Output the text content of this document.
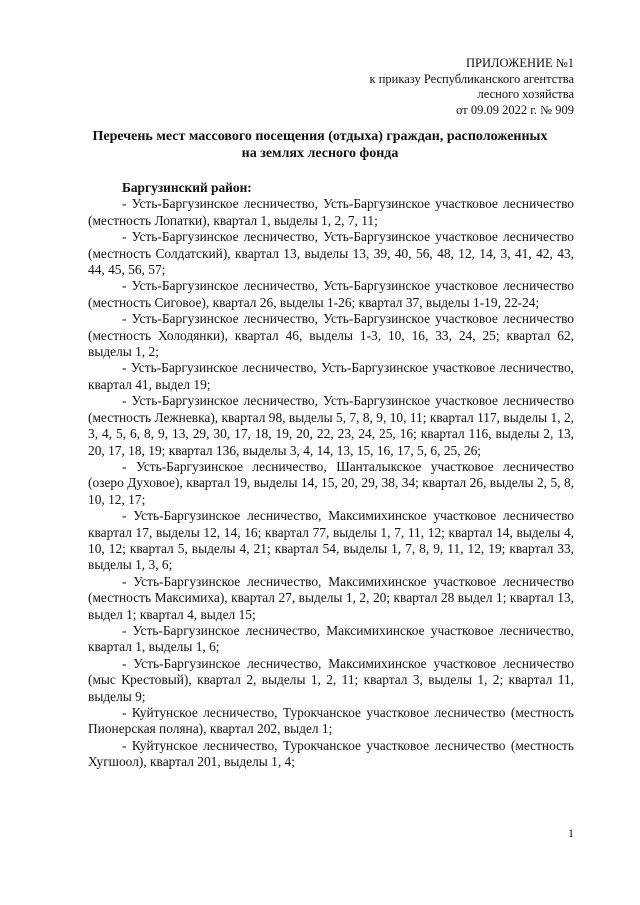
ПРИЛОЖЕНИЕ №1
к приказу Республиканского агентства
лесного хозяйства
от 09.09 2022 г. № 909
Перечень мест массового посещения (отдыха) граждан, расположенных
на землях лесного фонда
Баргузинский район:

- Усть-Баргузинское лесничество, Усть-Баргузинское участковое лесничество (местность Лопатки), квартал 1, выделы 1, 2, 7, 11;

- Усть-Баргузинское лесничество, Усть-Баргузинское участковое лесничество (местность Солдатский), квартал 13, выделы 13, 39, 40, 56, 48, 12, 14, 3, 41, 42, 43, 44, 45, 56, 57;

- Усть-Баргузинское лесничество, Усть-Баргузинское участковое лесничество (местность Сиговое), квартал 26, выделы 1-26; квартал 37, выделы 1-19, 22-24;

- Усть-Баргузинское лесничество, Усть-Баргузинское участковое лесничество (местность Холодянки), квартал 46, выделы 1-3, 10, 16, 33, 24, 25; квартал 62, выделы 1, 2;

- Усть-Баргузинское лесничество, Усть-Баргузинское участковое лесничество, квартал 41, выдел 19;

- Усть-Баргузинское лесничество, Усть-Баргузинское участковое лесничество (местность Лежневка), квартал 98, выделы 5, 7, 8, 9, 10, 11; квартал 117, выделы 1, 2, 3, 4, 5, 6, 8, 9, 13, 29, 30, 17, 18, 19, 20, 22, 23, 24, 25, 16; квартал 116, выделы 2, 13, 20, 17, 18, 19; квартал 136, выделы 3, 4, 14, 13, 15, 16, 17, 5, 6, 25, 26;

- Усть-Баргузинское лесничество, Шанталыкское участковое лесничество (озеро Духовое), квартал 19, выделы 14, 15, 20, 29, 38, 34; квартал 26, выделы 2, 5, 8, 10, 12, 17;

- Усть-Баргузинское лесничество, Максимихинское участковое лесничество квартал 17, выделы 12, 14, 16; квартал 77, выделы 1, 7, 11, 12; квартал 14, выделы 4, 10, 12; квартал 5, выделы 4, 21; квартал 54, выделы 1, 7, 8, 9, 11, 12, 19; квартал 33, выделы 1, 3, 6;

- Усть-Баргузинское лесничество, Максимихинское участковое лесничество (местность Максимиха), квартал 27, выделы 1, 2, 20; квартал 28 выдел 1; квартал 13, выдел 1; квартал 4, выдел 15;

- Усть-Баргузинское лесничество, Максимихинское участковое лесничество, квартал 1, выделы 1, 6;

- Усть-Баргузинское лесничество, Максимихинское участковое лесничество (мыс Крестовый), квартал 2, выделы 1, 2, 11; квартал 3, выделы 1, 2; квартал 11, выделы 9;

- Куйтунское лесничество, Турокчанское участковое лесничество (местность Пионерская поляна), квартал 202, выдел 1;

- Куйтунское лесничество, Турокчанское участковое лесничество (местность Хугшоол), квартал 201, выделы 1, 4;

1
